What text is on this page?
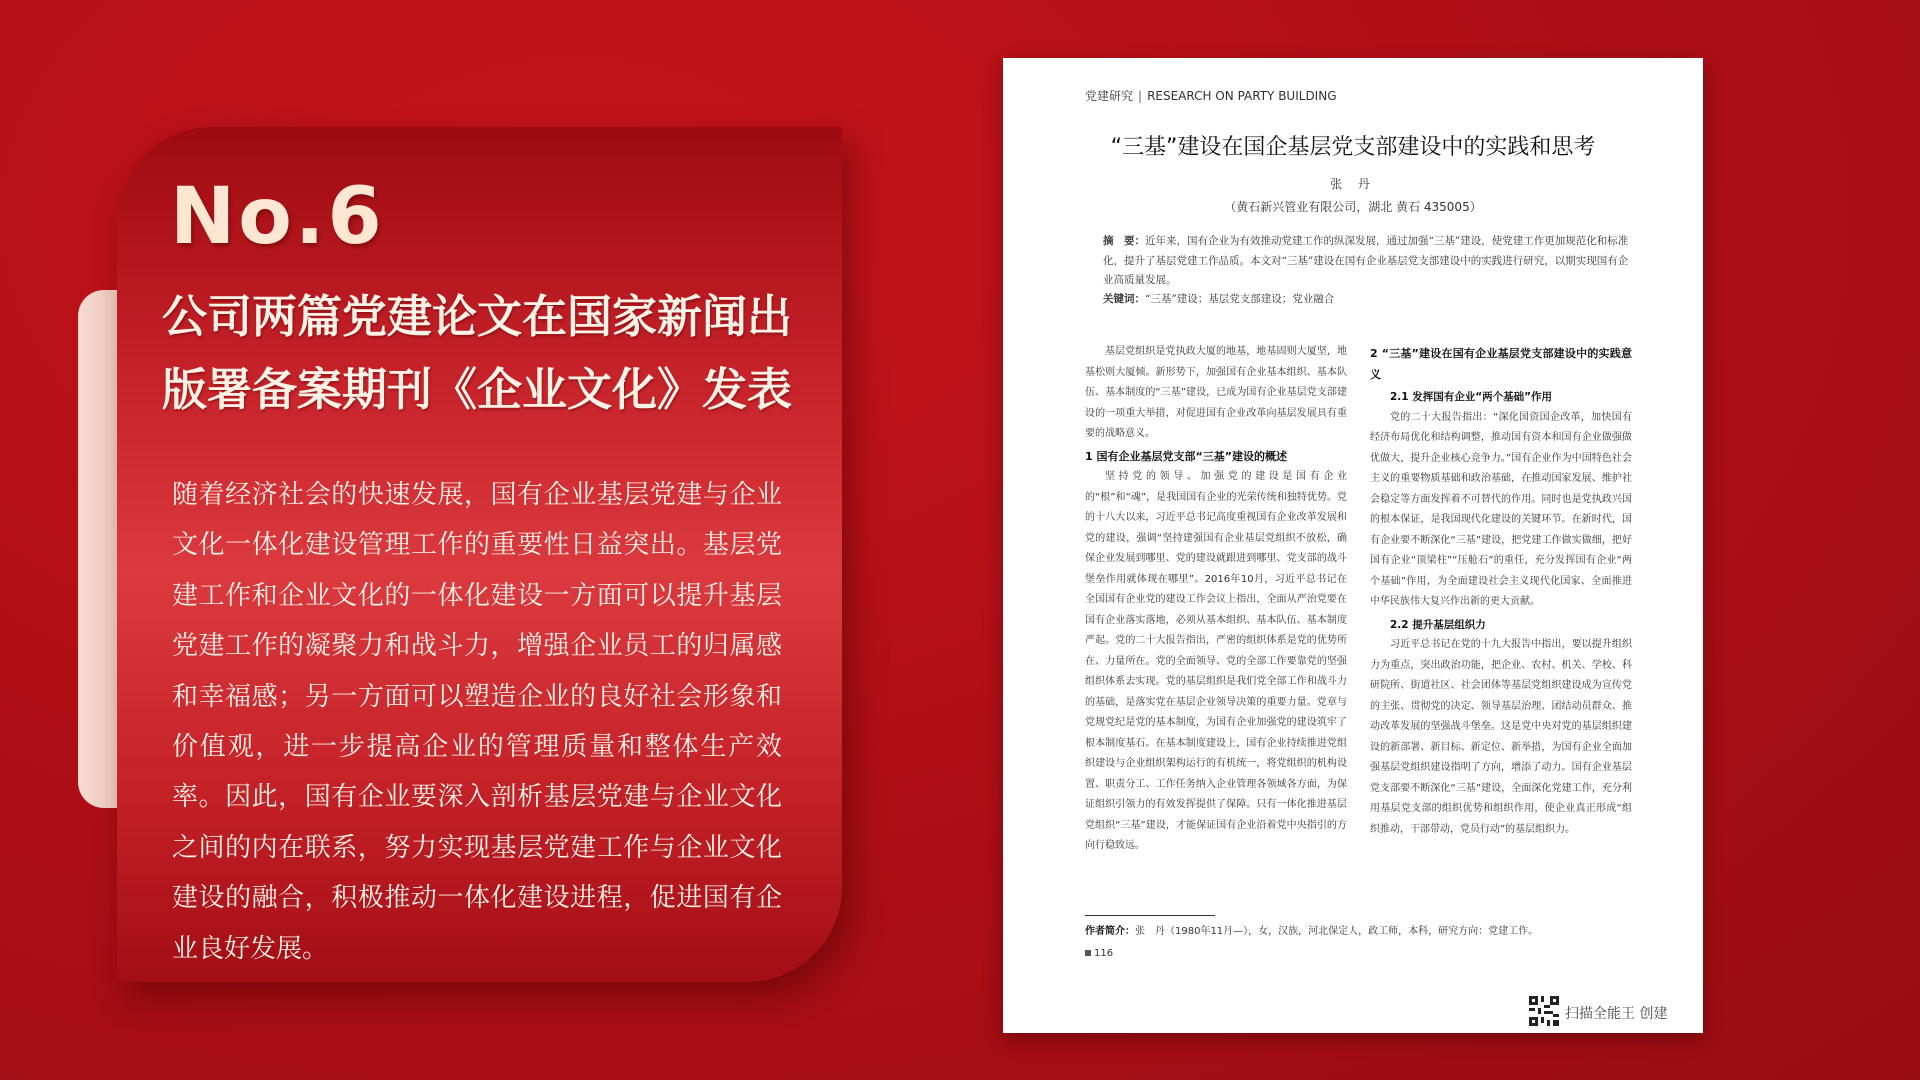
No.6
公司两篇党建论文在国家新闻出
版署备案期刊《企业文化》发表

随着经济社会的快速发展，国有企业基层党建与企业文化一体化建设管理工作的重要性日益突出。基层党建工作和企业文化的一体化建设一方面可以提升基层党建工作的凝聚力和战斗力，增强企业员工的归属感和幸福感；另一方面可以塑造企业的良好社会形象和价值观，进一步提高企业的管理质量和整体生产效率。因此，国有企业要深入剖析基层党建与企业文化之间的内在联系，努力实现基层党建工作与企业文化建设的融合，积极推动一体化建设进程，促进国有企业良好发展。

党建研究 | RESEARCH ON PARTY BUILDING
“三基”建设在国企基层党支部建设中的实践和思考
张 丹
（黄石新兴管业有限公司，湖北 黄石 435005）
摘　要：近年来，国有企业为有效推动党建工作的纵深发展，通过加强“三基”建设，使党建工作更加规范化和标准化，提升了基层党建工作品质。本文对“三基”建设在国有企业基层党支部建设中的实践进行研究，以期实现国有企业高质量发展。
关键词：“三基”建设；基层党支部建设；党业融合

基层党组织是党执政大厦的地基，地基固则大厦坚，地基松则大厦倾。新形势下，加强国有企业基本组织、基本队伍、基本制度的“三基”建设，已成为国有企业基层党支部建设的一项重大举措，对促进国有企业改革向基层发展具有重要的战略意义。

1 国有企业基层党支部“三基”建设的概述

坚持党的领导、加强党的建设是国有企业的“根”和“魂”，是我国国有企业的光荣传统和独特优势。党的十八大以来，习近平总书记高度重视国有企业改革发展和党的建设，强调“坚持建强国有企业基层党组织不放松，确保企业发展到哪里、党的建设就跟进到哪里、党支部的战斗堡垒作用就体现在哪里”。2016年10月，习近平总书记在全国国有企业党的建设工作会议上指出，全面从严治党要在国有企业落实落地，必须从基本组织、基本队伍、基本制度严起。党的二十大报告指出，严密的组织体系是党的优势所在、力量所在。党的全面领导、党的全部工作要靠党的坚强组织体系去实现。党的基层组织是我们党全部工作和战斗力的基础，是落实党在基层企业领导决策的重要力量。党章与党规党纪是党的基本制度，为国有企业加强党的建设筑牢了根本制度基石。在基本制度建设上，国有企业持续推进党组织建设与企业组织架构运行的有机统一，将党组织的机构设置、职责分工、工作任务纳入企业管理各领域各方面，为保证组织引领力的有效发挥提供了保障。只有一体化推进基层党组织“三基”建设，才能保证国有企业沿着党中央指引的方向行稳致远。

2 “三基”建设在国有企业基层党支部建设中的实践意义
2.1 发挥国有企业“两个基础”作用

党的二十大报告指出：“深化国资国企改革，加快国有经济布局优化和结构调整，推动国有资本和国有企业做强做优做大，提升企业核心竞争力。”国有企业作为中国特色社会主义的重要物质基础和政治基础，在推动国家发展、维护社会稳定等方面发挥着不可替代的作用。同时也是党执政兴国的根本保证，是我国现代化建设的关键环节。在新时代，国有企业要不断深化“三基”建设，把党建工作做实做细，把好国有企业“顶梁柱”“压舱石”的重任，充分发挥国有企业“两个基础”作用，为全面建设社会主义现代化国家、全面推进中华民族伟大复兴作出新的更大贡献。

2.2 提升基层组织力

习近平总书记在党的十九大报告中指出，要以提升组织力为重点，突出政治功能，把企业、农村、机关、学校、科研院所、街道社区、社会团体等基层党组织建设成为宣传党的主张、贯彻党的决定、领导基层治理、团结动员群众、推动改革发展的坚强战斗堡垒。这是党中央对党的基层组织建设的新部署、新目标、新定位、新举措，为国有企业全面加强基层党组织建设指明了方向，增添了动力。国有企业基层党支部要不断深化“三基”建设，全面深化党建工作，充分利用基层党支部的组织优势和组织作用，使企业真正形成“组织推动，干部带动，党员行动”的基层组织力。

作者简介：张　丹（1980年11月—），女，汉族，河北保定人，政工师，本科，研究方向：党建工作。
116
扫描全能王 创建
